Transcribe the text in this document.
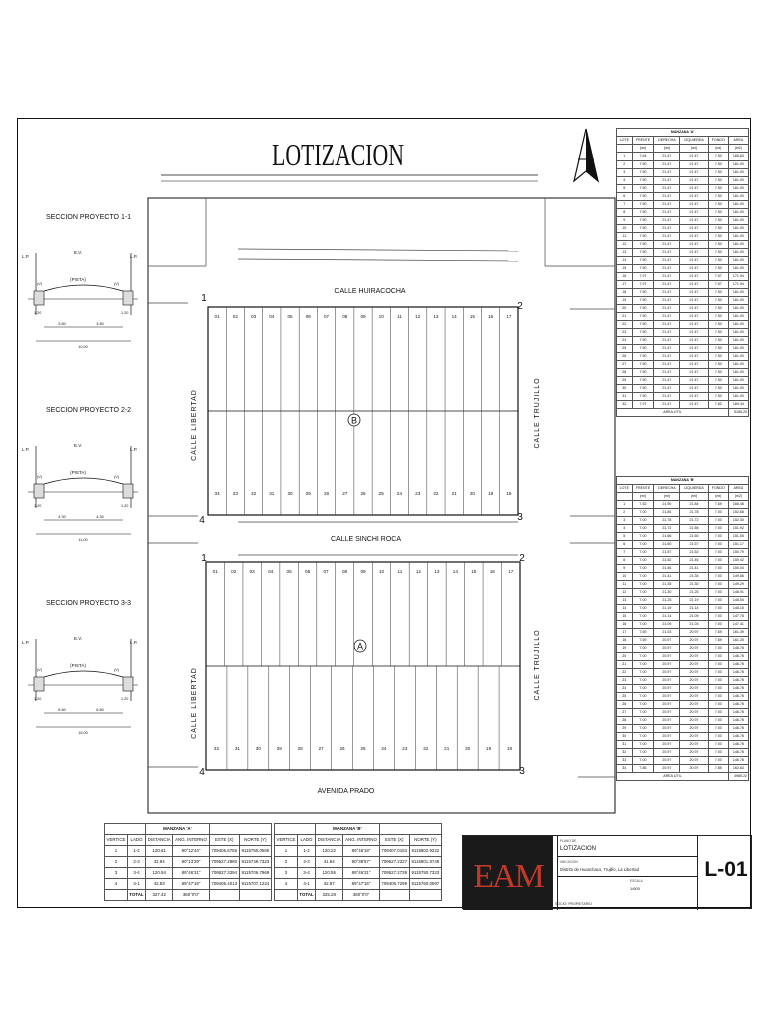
LOTIZACION
SECCION PROYECTO 1-1
L.P.	L.P.
E.V.
(PISTA)
(V)	(V)
1.20	1.20
3.80	3.80
10.00
SECCION PROYECTO 2-2
L.P.	L.P.
E.V.
(PISTA)
(V)	(V)
1.20	1.20
4.30	4.30
11.00
SECCION PROYECTO 3-3
L.P.	L.P.
E.V.
(PISTA)
(V)	(V)
1.20	1.20
6.80	6.80
16.00
01	02	03	04	05	06	07	08	09	10	11	12	13	14	15	16	17
34	33	32	31	30	29	28	27	26	25	24	23	22	21	20	19	18
B
1
2
3
4
01	02	03	04	05	06	07	08	09	10	11	12	13	14	15	16	17
32	31	30	29	28	27	26	25	24	23	22	21	20	19	18
A
1	2
3
4
CALLE HUIRACOCHA
CALLE SINCHI ROCA
AVENIDA PRADO
CALLE LIBERTAD
CALLE LIBERTAD
CALLE TRUJILLO
CALLE TRUJILLO
MANZANA 'A'					
LOTE	FRENTE	DERECHA	IZQUIERDA	FONDO	AREA
	(ml)	(ml)	(ml)	(ml)	(m2)
1	7.64	21.47	21.47	7.50	165.83
2	7.50	21.47	21.47	7.50	161.00
3	7.50	21.47	21.47	7.50	161.00
4	7.50	21.47	21.47	7.50	161.00
5	7.50	21.47	21.47	7.50	161.00
6	7.50	21.47	21.47	7.50	161.00
7	7.50	21.47	21.47	7.50	161.00
8	7.50	21.47	21.47	7.50	161.00
9	7.50	21.47	21.47	7.50	161.00
10	7.50	21.47	21.47	7.50	161.00
11	7.50	21.47	21.47	7.50	161.00
12	7.50	21.47	21.47	7.50	161.00
13	7.50	21.47	21.47	7.50	161.00
14	7.50	21.47	21.47	7.50	161.00
15	7.50	21.47	21.47	7.50	161.00
16	7.97	21.47	21.47	7.97	171.04
17	7.97	21.47	21.47	7.97	171.04
18	7.50	21.47	21.47	7.50	161.00
19	7.50	21.47	21.47	7.50	161.00
20	7.50	21.47	21.47	7.50	161.00
21	7.50	21.47	21.47	7.50	161.00
22	7.50	21.47	21.47	7.50	161.00
23	7.50	21.47	21.47	7.50	161.00
24	7.50	21.47	21.47	7.50	161.00
25	7.50	21.47	21.47	7.50	161.00
26	7.50	21.47	21.47	7.50	161.00
27	7.50	21.47	21.47	7.50	161.00
28	7.50	21.47	21.47	7.50	161.00
29	7.50	21.47	21.47	7.50	161.00
30	7.50	21.47	21.47	7.50	161.00
31	7.50	21.47	21.47	7.50	161.00
32	7.97	21.47	21.47	7.82	169.34
AREA UTIL					5185.25
MANZANA 'B'					
LOTE	FRENTE	DERECHA	IZQUIERDA	FONDO	AREA
	(ml)	(ml)	(ml)	(ml)	(m2)
1	7.52	21.90	21.84	7.69	166.46
2	7.00	21.84	21.78	7.00	152.68
3	7.00	21.78	21.72	7.00	152.30
4	7.00	21.72	21.66	7.00	151.92
5	7.00	21.66	21.60	7.00	151.55
6	7.00	21.60	21.57	7.00	151.17
7	7.00	21.57	21.52	7.00	150.79
8	7.00	21.52	21.46	7.00	150.42
9	7.00	21.46	21.41	7.00	150.04
10	7.00	21.41	21.35	7.00	149.66
11	7.00	21.35	21.30	7.00	149.29
12	7.00	21.30	21.25	7.00	148.91
13	7.00	21.25	21.19	7.00	148.54
14	7.00	21.19	21.14	7.00	148.16
15	7.00	21.14	21.09	7.00	147.78
16	7.00	21.09	21.03	7.00	147.41
17	7.69	21.03	20.97	7.69	161.39
18	7.69	20.97	20.97	7.69	161.25
19	7.00	20.97	20.97	7.00	146.78
20	7.00	20.97	20.97	7.00	146.78
21	7.00	20.97	20.97	7.00	146.78
22	7.00	20.97	20.97	7.00	146.78
23	7.00	20.97	20.97	7.00	146.78
24	7.00	20.97	20.97	7.00	146.78
25	7.00	20.97	20.97	7.00	146.78
26	7.00	20.97	20.97	7.00	146.78
27	7.00	20.97	20.97	7.00	146.78
28	7.00	20.97	20.97	7.00	146.78
29	7.00	20.97	20.97	7.00	146.78
30	7.00	20.97	20.97	7.00	146.78
31	7.00	20.97	20.97	7.00	146.78
32	7.00	20.97	20.97	7.00	146.78
33	7.00	20.97	20.97	7.00	146.78
34	7.85	20.97	20.97	7.85	162.63
AREA UTIL					4985.22
		MANZANA 'A'			
VERTICE	LADO	DISTANCIA	ANG. INTERNO	ESTE (X)	NORTE (Y)
1	1-2	120.61	90°12'44"	709406.6756	9115750.0550
2	2-3	42.94	90°13'29"	709527.2880	9115749.7323
3	3-4	120.94	89°46'31"	709527.3394	9115706.7969
4	4-1	42.93	89°47'16"	709406.4013	9115707.1224
	TOTAL	327.42	360°0'0"		
		MANZANA 'B'			
VERTICE	LADO	DISTANCIA	ANG. INTERNO	ESTE (X)	NORTE (Y)
1	1-2	120.22	89°46'18"	709407.0153	9115802.9222
2	2-3	41.64	90°39'57"	709527.2227	9115801.8749
3	3-4	120.55	89°46'31"	709527.2739	9115750.7323
4	4-1	42.87	89°47'16"	709406.7299	9115760.0597
	TOTAL	325.28	360°0'0"			EAM
SOCIO: PROPIETARIO
PLANO DE
LOTIZACION
UBICACION
Distrito de Huanchaco, Trujillo, La Libertad
ESCALA
1/600
L-01
